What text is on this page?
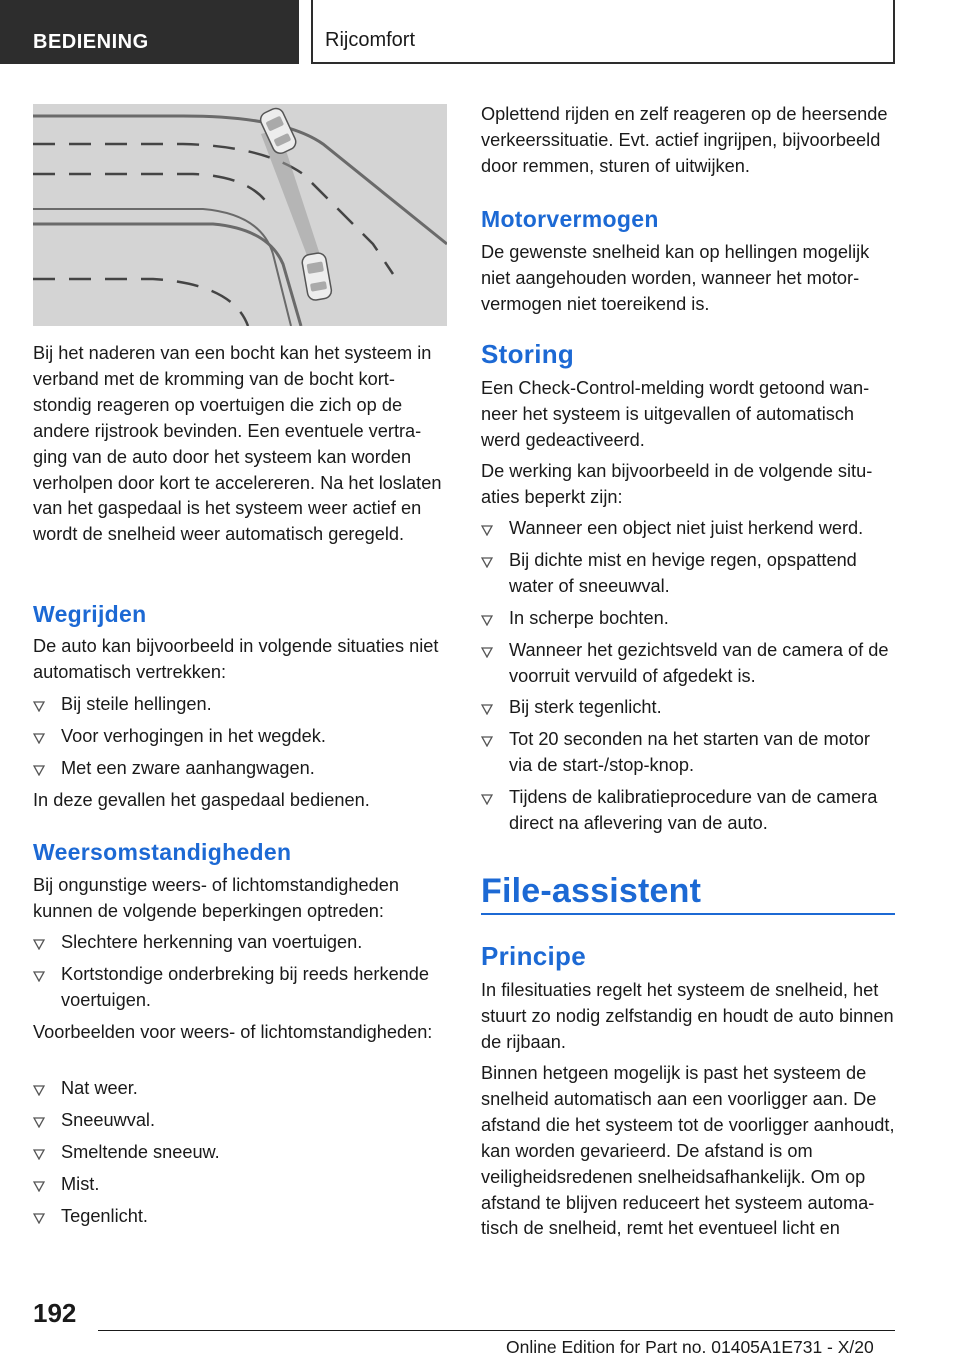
BEDIENING	Rijcomfort

Bij het naderen van een bocht kan het systeem in verband met de kromming van de bocht kortstondig reageren op voertuigen die zich op de andere rijstrook bevinden. Een eventuele vertraging van de auto door het systeem kan worden verholpen door kort te accelereren. Na het loslaten van het gaspedaal is het systeem weer actief en wordt de snelheid weer automatisch geregeld.

Wegrijden

De auto kan bijvoorbeeld in volgende situaties niet automatisch vertrekken:

Bij steile hellingen.
Voor verhogingen in het wegdek.
Met een zware aanhangwagen.

In deze gevallen het gaspedaal bedienen.

Weersomstandigheden

Bij ongunstige weers- of lichtomstandigheden kunnen de volgende beperkingen optreden:

Slechtere herkenning van voertuigen.
Kortstondige onderbreking bij reeds herkende voertuigen.

Voorbeelden voor weers- of lichtomstandigheden:

Nat weer.
Sneeuwval.
Smeltende sneeuw.
Mist.
Tegenlicht.

Oplettend rijden en zelf reageren op de heersende verkeerssituatie. Evt. actief ingrijpen, bijvoorbeeld door remmen, sturen of uitwijken.

Motorvermogen

De gewenste snelheid kan op hellingen mogelijk niet aangehouden worden, wanneer het motorvermogen niet toereikend is.

Storing

Een Check-Control-melding wordt getoond wanneer het systeem is uitgevallen of automatisch werd gedeactiveerd.

De werking kan bijvoorbeeld in de volgende situaties beperkt zijn:

Wanneer een object niet juist herkend werd.
Bij dichte mist en hevige regen, opspattend water of sneeuwval.
In scherpe bochten.
Wanneer het gezichtsveld van de camera of de voorruit vervuild of afgedekt is.
Bij sterk tegenlicht.
Tot 20 seconden na het starten van de motor via de start-/stop-knop.
Tijdens de kalibratieprocedure van de camera direct na aflevering van de auto.
File-assistent
Principe

In filesituaties regelt het systeem de snelheid, het stuurt zo nodig zelfstandig en houdt de auto binnen de rijbaan.

Binnen hetgeen mogelijk is past het systeem de snelheid automatisch aan een voorligger aan. De afstand die het systeem tot de voorligger aanhoudt, kan worden gevarieerd. De afstand is om veiligheidsredenen snelheidsafhankelijk. Om op afstand te blijven reduceert het systeem automatisch de snelheid, remt het eventueel licht en

192
Online Edition for Part no. 01405A1E731 - X/20
